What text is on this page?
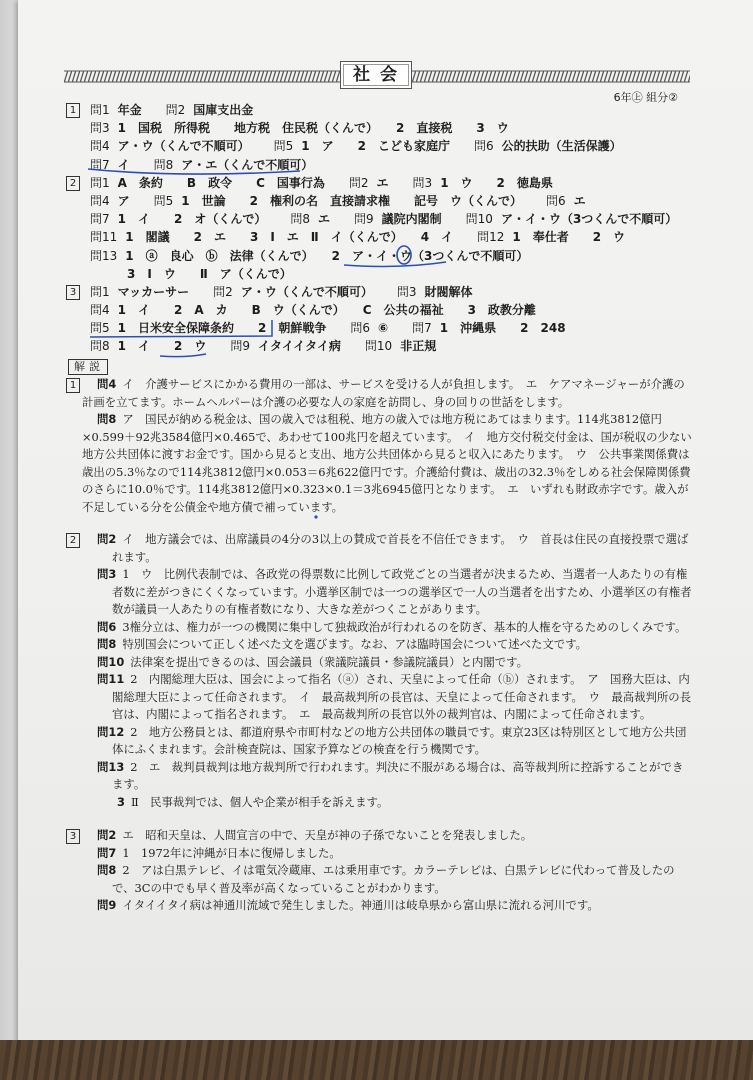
社 会
6年㊤ 組分②
1	問1 年金 問2 国庫支出金
問3 1　国税　所得税　　地方税　住民税（くんで）　　2　直接税　　3　ウ
問4 ア・ウ（くんで不順可） 問5 1　ア　　2　こども家庭庁 問6 公的扶助（生活保護）
問7 イ 問8 ア・エ（くんで不順可）
2	問1 A　条約　　B　政令　　C　国事行為 問2 エ 問3 1　ウ　　2　徳島県
問4 ア 問5 1　世論　　2　権利の名　直接請求権　　記号　ウ（くんで） 問6 エ
問7 1　イ　　2　オ（くんで） 問8 エ 問9 議院内閣制 問10 ア・イ・ウ（3つくんで不順可）
問11 1　閣議　　2　エ　　3　Ⅰ　エ　Ⅱ　イ（くんで）　　4　イ 問12 1　奉仕者　　2　ウ
問13 1　ⓐ　良心　ⓑ　法律（くんで）　　2　ア・イ・ウ（3つくんで不順可）
3　Ⅰ　ウ　　Ⅱ　ア（くんで）
3	問1 マッカーサー 問2 ア・ウ（くんで不順可） 問3 財閥解体
問4 1　イ　　2　A　カ　　B　ウ（くんで）　　C　公共の福祉　　3　政教分離
問5 1　日米安全保障条約　　2　朝鮮戦争 問6 ⑥ 問7 1　沖縄県　　2　248
問8 1　イ　　2　ウ 問9 イタイイタイ病 問10 非正規
解説
1	問4 イ　介護サービスにかかる費用の一部は、サービスを受ける人が負担します。　エ　ケアマネージャーが介護の計画を立てます。ホームヘルパーは介護の必要な人の家庭を訪問し、身の回りの世話をします。
問8 ア　国民が納める税金は、国の歳入では租税、地方の歳入では地方税にあてはまります。114兆3812億円×0.599＋92兆3584億円×0.465で、あわせて100兆円を超えています。　イ　地方交付税交付金は、国が税収の少ない地方公共団体に渡すお金です。国から見ると支出、地方公共団体から見ると収入にあたります。　ウ　公共事業関係費は歳出の5.3％なので114兆3812億円×0.053＝6兆622億円です。介護給付費は、歳出の32.3％をしめる社会保障関係費のさらに10.0％です。114兆3812億円×0.323×0.1＝3兆6945億円となります。　エ　いずれも財政赤字です。歳入が不足している分を公債金や地方債で補っています。
2	問2 イ　地方議会では、出席議員の4分の3以上の賛成で首長を不信任できます。　ウ　首長は住民の直接投票で選ばれます。
問3 1　ウ　比例代表制では、各政党の得票数に比例して政党ごとの当選者が決まるため、当選者一人あたりの有権者数に差がつきにくくなっています。小選挙区制では一つの選挙区で一人の当選者を出すため、小選挙区の有権者数が議員一人あたりの有権者数になり、大きな差がつくことがあります。
問6 3権分立は、権力が一つの機関に集中して独裁政治が行われるのを防ぎ、基本的人権を守るためのしくみです。
問8 特別国会について正しく述べた文を選びます。なお、アは臨時国会について述べた文です。
問10 法律案を提出できるのは、国会議員（衆議院議員・参議院議員）と内閣です。
問11 2　内閣総理大臣は、国会によって指名（ⓐ）され、天皇によって任命（ⓑ）されます。　ア　国務大臣は、内閣総理大臣によって任命されます。　イ　最高裁判所の長官は、天皇によって任命されます。　ウ　最高裁判所の長官は、内閣によって指名されます。　エ　最高裁判所の長官以外の裁判官は、内閣によって任命されます。
問12 2　地方公務員とは、都道府県や市町村などの地方公共団体の職員です。東京23区は特別区として地方公共団体にふくまれます。会計検査院は、国家予算などの検査を行う機関です。
問13 2　エ　裁判員裁判は地方裁判所で行われます。判決に不服がある場合は、高等裁判所に控訴することができます。
3 Ⅱ　民事裁判では、個人や企業が相手を訴えます。
3	問2 エ　昭和天皇は、人間宣言の中で、天皇が神の子孫でないことを発表しました。
問7 1　1972年に沖縄が日本に復帰しました。
問8 2　アは白黒テレビ、イは電気冷蔵庫、エは乗用車です。カラーテレビは、白黒テレビに代わって普及したので、3Cの中でも早く普及率が高くなっていることがわかります。
問9 イタイイタイ病は神通川流域で発生しました。神通川は岐阜県から富山県に流れる河川です。
